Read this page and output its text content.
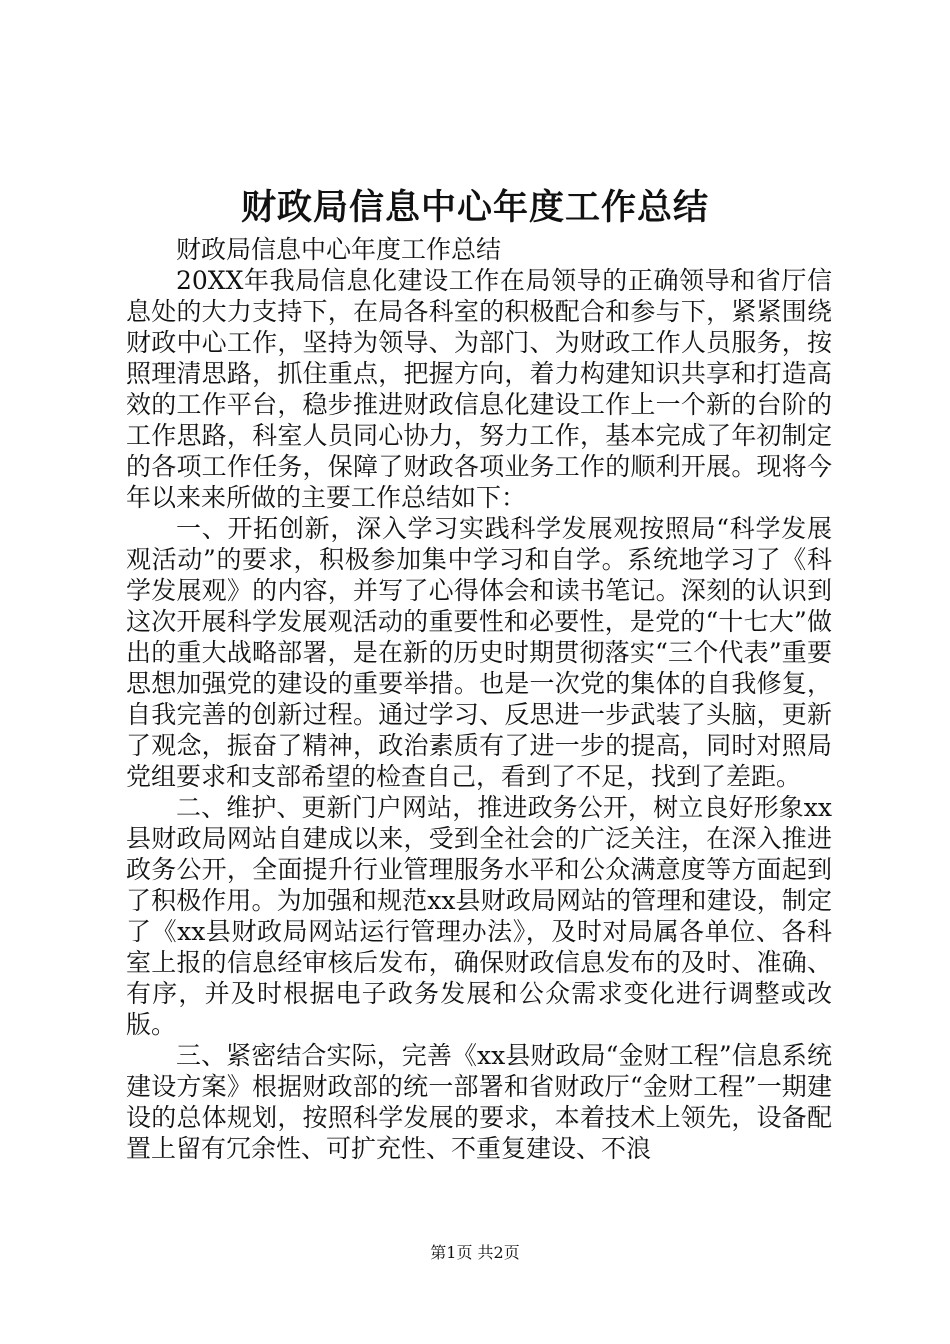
财政局信息中心年度工作总结

财政局信息中心年度工作总结

20XX年我局信息化建设工作在局领导的正确领导和省厅信息处的大力支持下，在局各科室的积极配合和参与下，紧紧围绕财政中心工作，坚持为领导、为部门、为财政工作人员服务，按照理清思路，抓住重点，把握方向，着力构建知识共享和打造高效的工作平台，稳步推进财政信息化建设工作上一个新的台阶的工作思路，科室人员同心协力，努力工作，基本完成了年初制定的各项工作任务，保障了财政各项业务工作的顺利开展。现将今年以来来所做的主要工作总结如下：

一、开拓创新，深入学习实践科学发展观按照局“科学发展观活动”的要求，积极参加集中学习和自学。系统地学习了《科学发展观》的内容，并写了心得体会和读书笔记。深刻的认识到这次开展科学发展观活动的重要性和必要性，是党的“十七大”做出的重大战略部署，是在新的历史时期贯彻落实“三个代表”重要思想加强党的建设的重要举措。也是一次党的集体的自我修复，自我完善的创新过程。通过学习、反思进一步武装了头脑，更新了观念，振奋了精神，政治素质有了进一步的提高，同时对照局党组要求和支部希望的检查自己，看到了不足，找到了差距。

二、维护、更新门户网站，推进政务公开，树立良好形象xx县财政局网站自建成以来，受到全社会的广泛关注，在深入推进政务公开，全面提升行业管理服务水平和公众满意度等方面起到了积极作用。为加强和规范xx县财政局网站的管理和建设，制定了《xx县财政局网站运行管理办法》，及时对局属各单位、各科室上报的信息经审核后发布，确保财政信息发布的及时、准确、有序，并及时根据电子政务发展和公众需求变化进行调整或改版。

三、紧密结合实际，完善《xx县财政局“金财工程”信息系统建设方案》根据财政部的统一部署和省财政厅“金财工程”一期建设的总体规划，按照科学发展的要求，本着技术上领先，设备配置上留有冗余性、可扩充性、不重复建设、不浪

第1页 共2页
